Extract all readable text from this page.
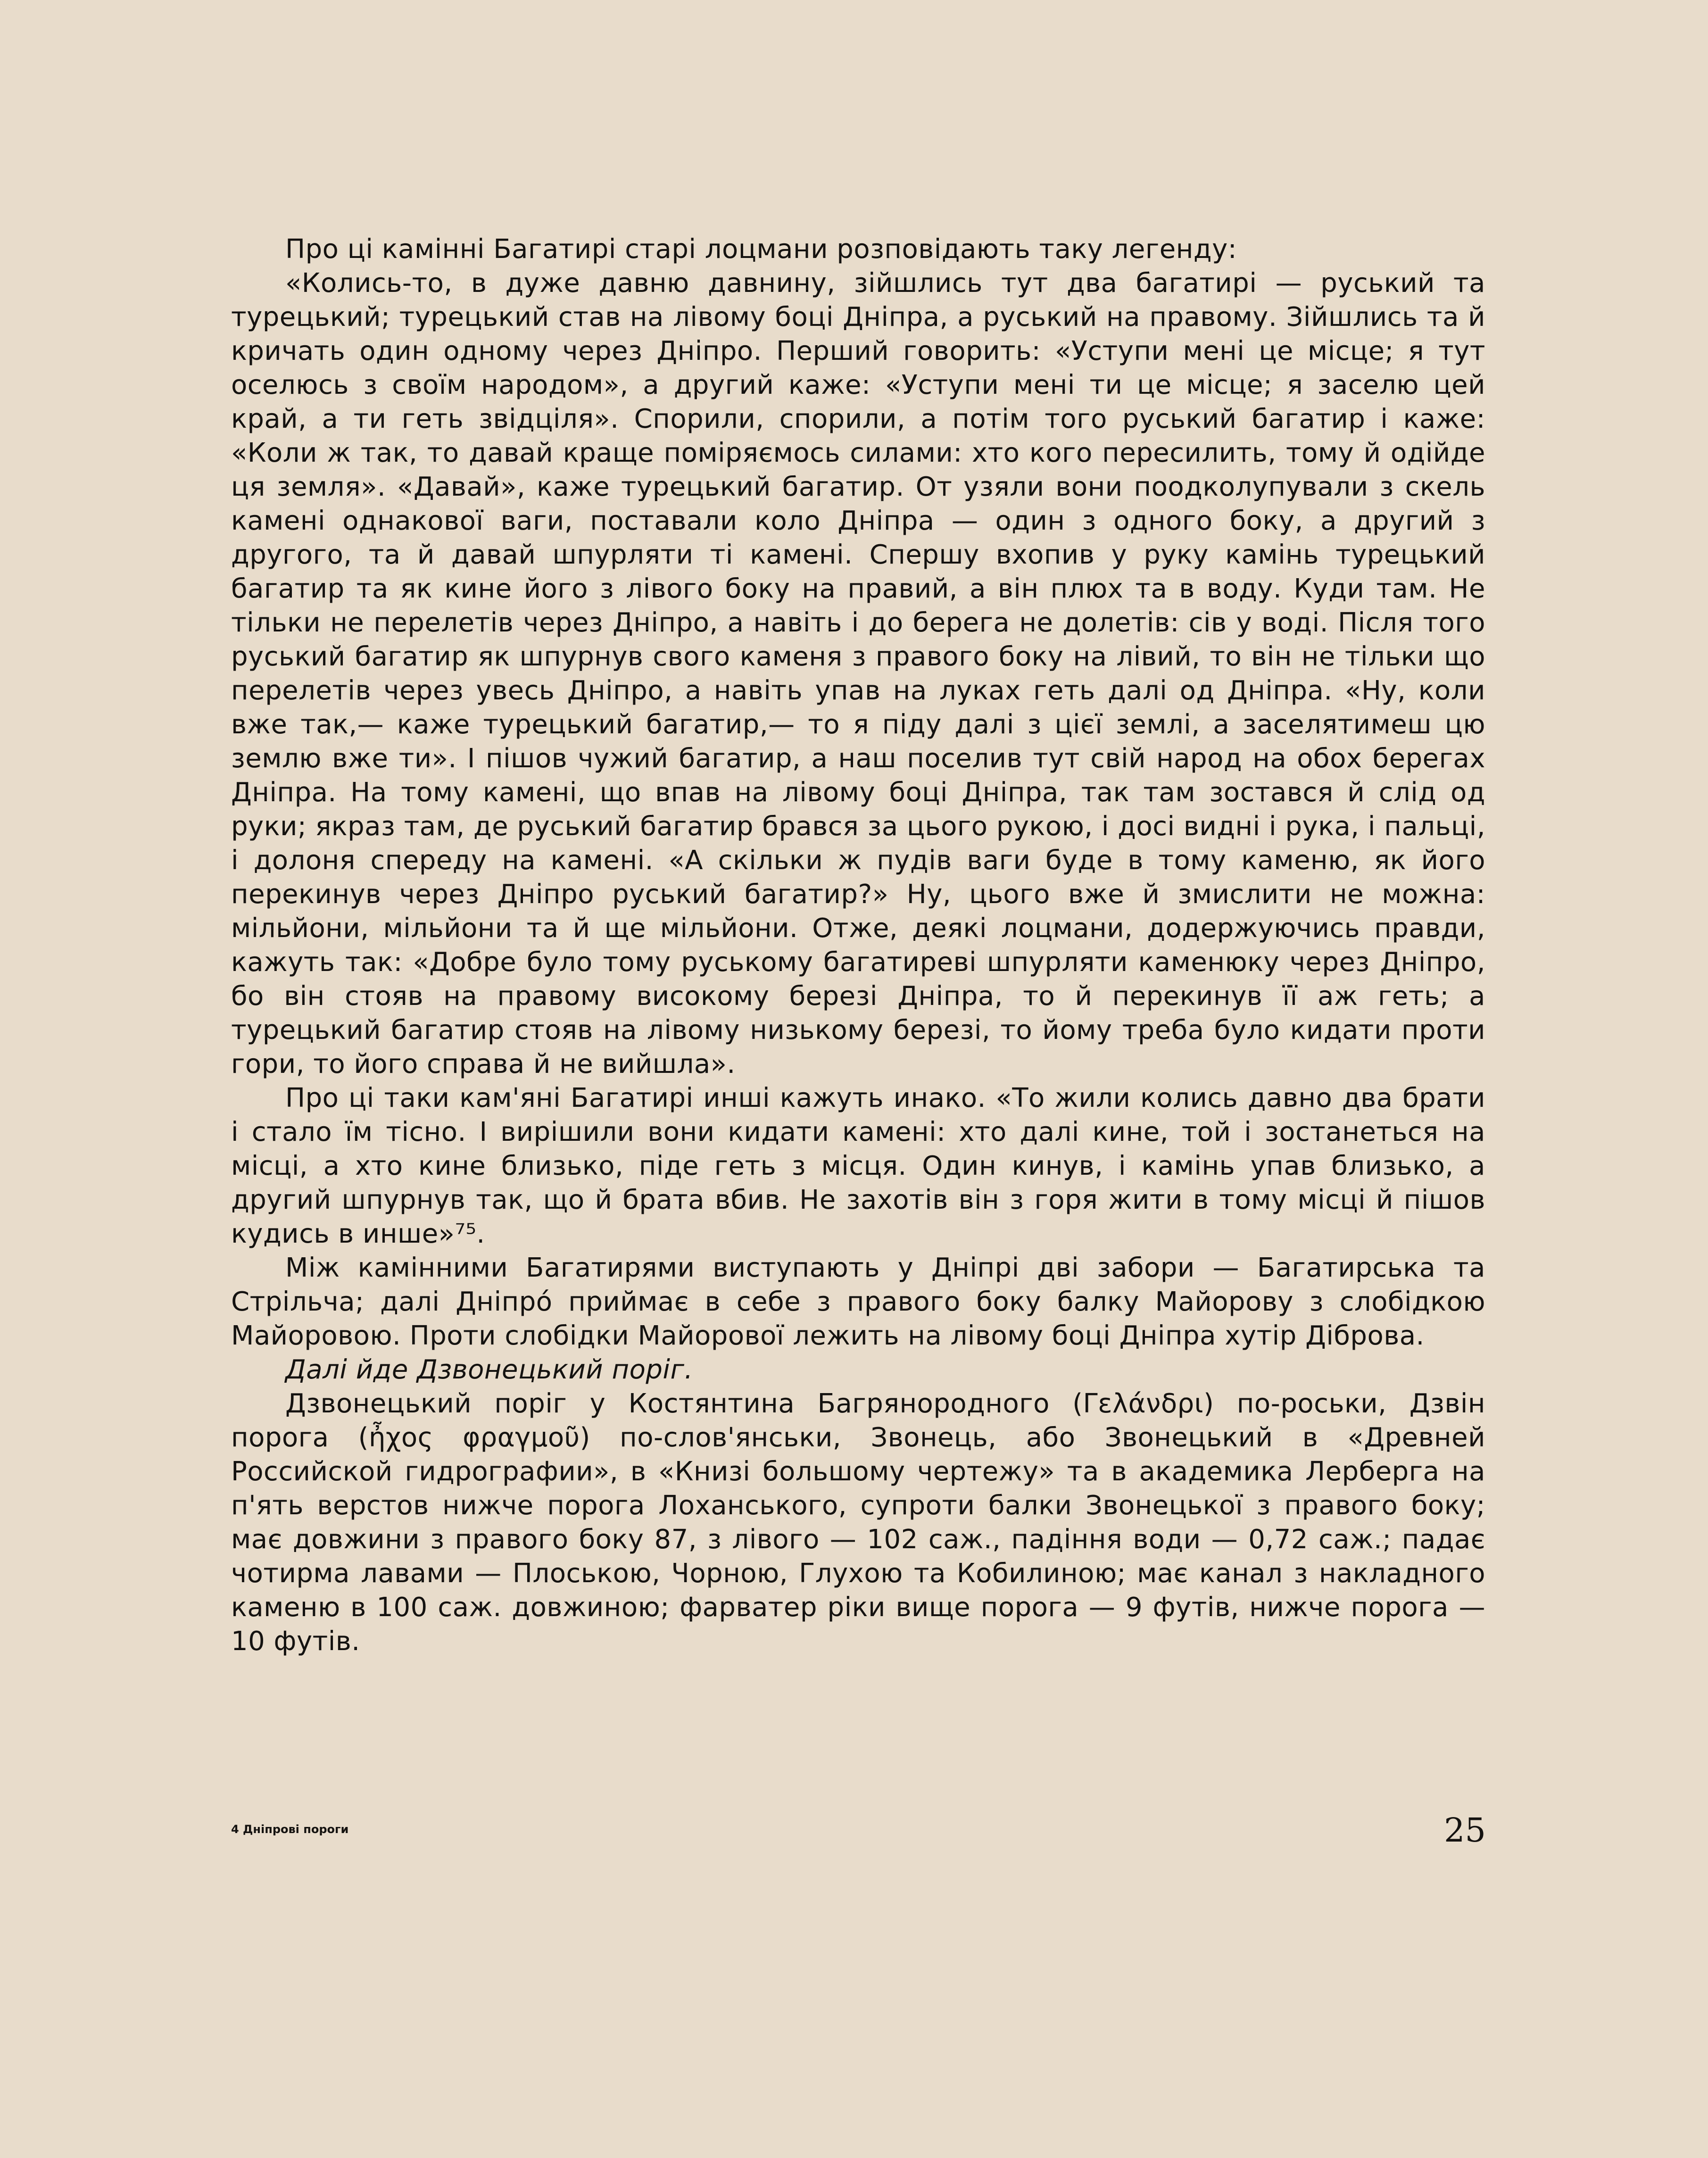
Про ці камінні Багатирі старі лоцмани розповідають таку легенду:

«Колись-то, в дуже давню давнину, зійшлись тут два багатирі — руський та турецький; турецький став на лівому боці Дніпра, а руський на правому. Зійшлись та й кричать один одному через Дніпро. Перший говорить: «Уступи мені це місце; я тут оселюсь з своїм народом», а другий каже: «Уступи мені ти це місце; я заселю цей край, а ти геть звідціля». Спорили, спорили, а потім того руський багатир і каже: «Коли ж так, то давай краще поміряємось силами: хто кого пересилить, тому й одійде ця земля». «Давай», каже турецький багатир. От узяли вони поодколупували з скель камені однакової ваги, поставали коло Дніпра — один з одного боку, а другий з другого, та й давай шпурляти ті камені. Спершу вхопив у руку камінь турецький багатир та як кине його з лівого боку на правий, а він плюх та в воду. Куди там. Не тільки не перелетів через Дніпро, а навіть і до берега не долетів: сів у воді. Після того руський багатир як шпурнув свого каменя з правого боку на лівий, то він не тільки що перелетів через увесь Дніпро, а навіть упав на луках геть далі од Дніпра. «Ну, коли вже так,— каже турецький багатир,— то я піду далі з цієї землі, а заселятимеш цю землю вже ти». І пішов чужий багатир, а наш поселив тут свій народ на обох берегах Дніпра. На тому камені, що впав на лівому боці Дніпра, так там зостався й слід од руки; якраз там, де руський багатир брався за цього рукою, і досі видні і рука, і пальці, і долоня спереду на камені. «А скільки ж пудів ваги буде в тому каменю, як його перекинув через Дніпро руський багатир?» Ну, цього вже й змислити не можна: мільйони, мільйони та й ще мільйони. Отже, деякі лоцмани, додержуючись правди, кажуть так: «Добре було тому руському багатиреві шпурляти каменюку через Дніпро, бо він стояв на правому високому березі Дніпра, то й перекинув її аж геть; а турецький багатир стояв на лівому низькому березі, то йому треба було кидати проти гори, то його справа й не вийшла».

Про ці таки кам'яні Багатирі инші кажуть инако. «То жили колись давно два брати і стало їм тісно. І вирішили вони кидати камені: хто далі кине, той і зостанеться на місці, а хто кине близько, піде геть з місця. Один кинув, і камінь упав близько, а другий шпурнув так, що й брата вбив. Не захотів він з горя жити в тому місці й пішов кудись в инше»⁷⁵.

Між камінними Багатирями виступають у Дніпрі дві забори — Багатирська та Стрільча; далі Дніпрó приймає в себе з правого боку балку Майорову з слобідкою Майоровою. Проти слобідки Майорової лежить на лівому боці Дніпра хутір Діброва.

Далі йде Дзвонецький поріг.

Дзвонецький поріг у Костянтина Багрянородного (Γελάνδρι) по-роськи, Дзвін порога (ἦχος φραγμοῦ) по-слов'янськи, Звонець, або Звонецький в «Древней Российской гидрографии», в «Книзі большому чертежу» та в академика Лерберга на п'ять верстов нижче порога Лоханського, супроти балки Звонецької з правого боку; має довжини з правого боку 87, з лівого — 102 саж., падіння води — 0,72 саж.; падає чотирма лавами — Плоською, Чорною, Глухою та Кобилиною; має канал з накладного каменю в 100 саж. довжиною; фарватер ріки вище порога — 9 футів, нижче порога — 10 футів.

4 Дніпрові пороги	25
